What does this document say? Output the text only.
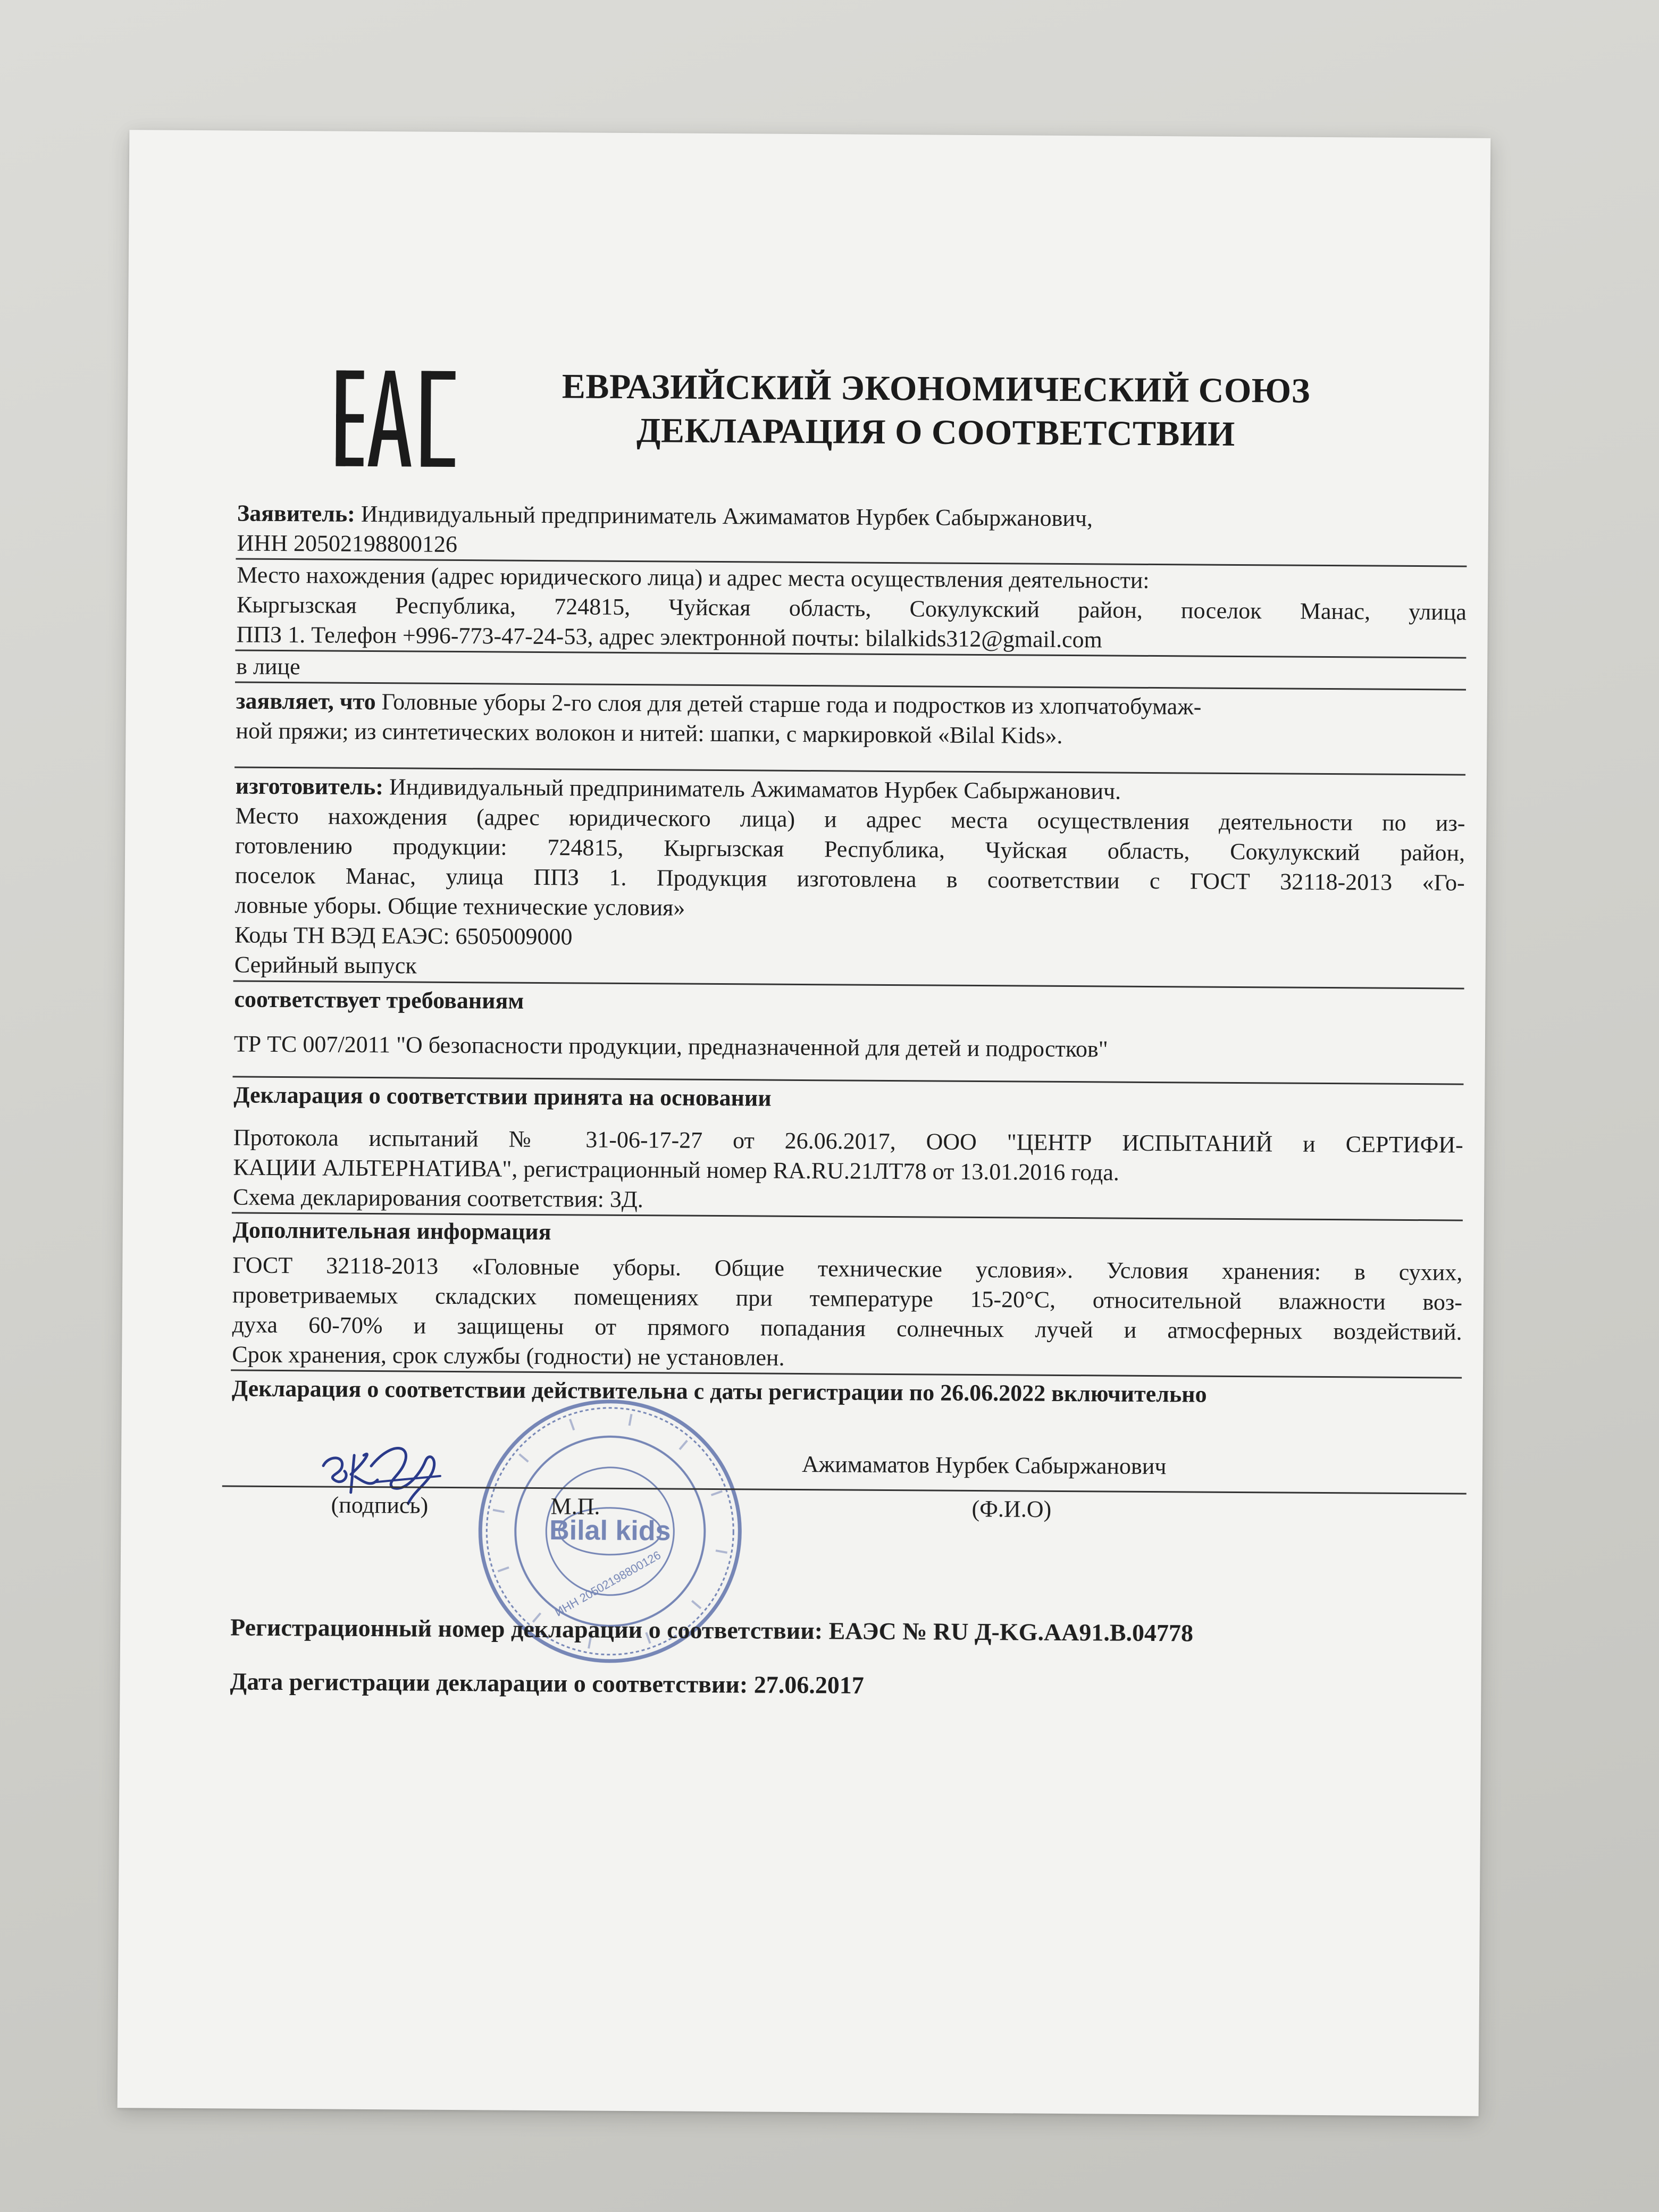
ЕВРАЗИЙСКИЙ ЭКОНОМИЧЕСКИЙ СОЮЗ
ДЕКЛАРАЦИЯ О СООТВЕТСТВИИ
Заявитель: Индивидуальный предприниматель Ажимаматов Нурбек Сабыржанович,
ИНН 20502198800126
Место нахождения (адрес юридического лица) и адрес места осуществления деятельности:
Кыргызская Республика, 724815, Чуйская область, Сокулукский район, поселок Манас, улица
ППЗ 1. Телефон +996-773-47-24-53, адрес электронной почты: bilalkids312@gmail.com
в лице
заявляет, что Головные уборы 2-го слоя для детей старше года и подростков из хлопчатобумаж-
ной пряжи; из синтетических волокон и нитей: шапки, с маркировкой «Bilal Kids».
изготовитель: Индивидуальный предприниматель Ажимаматов Нурбек Сабыржанович.
Место нахождения (адрес юридического лица) и адрес места осуществления деятельности по из-
готовлению продукции: 724815, Кыргызская Республика, Чуйская область, Сокулукский район,
поселок Манас, улица ППЗ 1. Продукция изготовлена в соответствии с ГОСТ 32118-2013 «Го-
ловные уборы. Общие технические условия»
Коды ТН ВЭД ЕАЭС: 6505009000
Серийный выпуск
соответствует требованиям
ТР ТС 007/2011 "О безопасности продукции, предназначенной для детей и подростков"
Декларация о соответствии принята на основании
Протокола испытаний № 31-06-17-27 от 26.06.2017, ООО "ЦЕНТР ИСПЫТАНИЙ и СЕРТИФИ-
КАЦИИ АЛЬТЕРНАТИВА", регистрационный номер RA.RU.21ЛТ78 от 13.01.2016 года.
Схема декларирования соответствия: 3Д.
Дополнительная информация
ГОСТ 32118-2013 «Головные уборы. Общие технические условия». Условия хранения: в сухих,
проветриваемых складских помещениях при температуре 15-20°C, относительной влажности воз-
духа 60-70% и защищены от прямого попадания солнечных лучей и атмосферных воздействий.
Срок хранения, срок службы (годности) не установлен.
Декларация о соответствии действительна с даты регистрации по 26.06.2022 включительно
Bilal kids
ИНН 20502198800126
Ажимаматов Нурбек Сабыржанович
(подпись)	М.П.	(Ф.И.О)
Регистрационный номер декларации о соответствии: ЕАЭС № RU Д-KG.AA91.B.04778
Дата регистрации декларации о соответствии: 27.06.2017
